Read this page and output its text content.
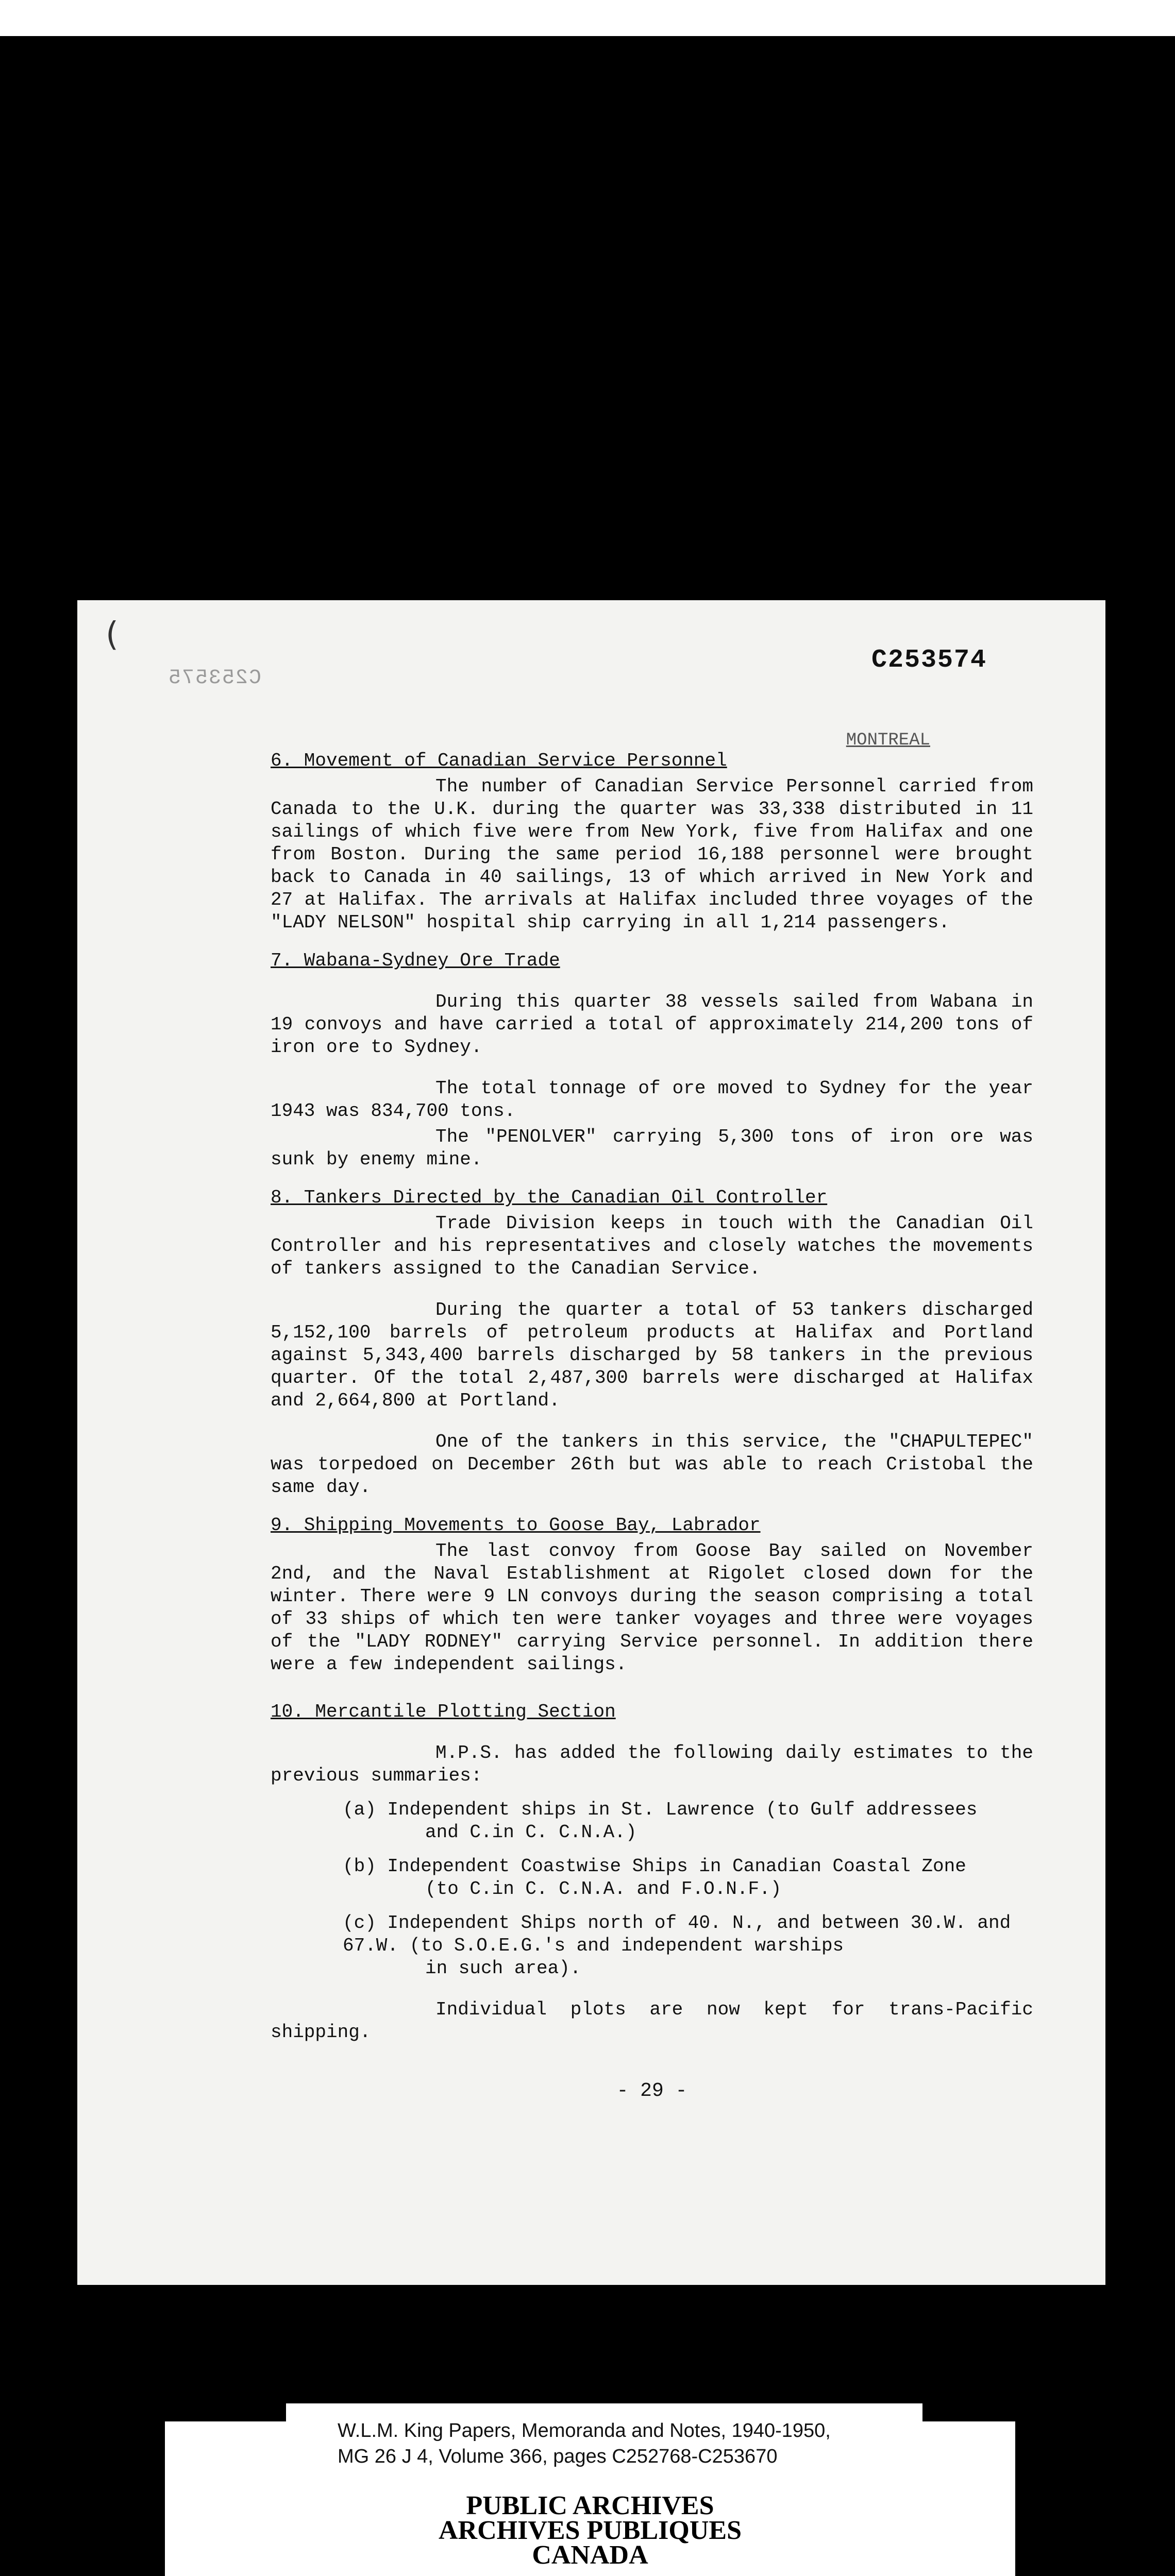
(
C253575
C253574
MONTREAL
6. Movement of Canadian Service Personnel

The number of Canadian Service Personnel carried from Canada to the U.K. during the quarter was 33,338 distributed in 11 sailings of which five were from New York, five from Halifax and one from Boston. During the same period 16,188 personnel were brought back to Canada in 40 sailings, 13 of which arrived in New York and 27 at Halifax. The arrivals at Halifax included three voyages of the "LADY NELSON" hospital ship carrying in all 1,214 passengers.

7. Wabana-Sydney Ore Trade

During this quarter 38 vessels sailed from Wabana in 19 convoys and have carried a total of approximately 214,200 tons of iron ore to Sydney.

The total tonnage of ore moved to Sydney for the year 1943 was 834,700 tons.

The "PENOLVER" carrying 5,300 tons of iron ore was sunk by enemy mine.

8. Tankers Directed by the Canadian Oil Controller

Trade Division keeps in touch with the Canadian Oil Controller and his representatives and closely watches the movements of tankers assigned to the Canadian Service.

During the quarter a total of 53 tankers discharged 5,152,100 barrels of petroleum products at Halifax and Portland against 5,343,400 barrels discharged by 58 tankers in the previous quarter. Of the total 2,487,300 barrels were discharged at Halifax and 2,664,800 at Portland.

One of the tankers in this service, the "CHAPULTEPEC" was torpedoed on December 26th but was able to reach Cristobal the same day.

9. Shipping Movements to Goose Bay, Labrador

The last convoy from Goose Bay sailed on November 2nd, and the Naval Establishment at Rigolet closed down for the winter. There were 9 LN convoys during the season comprising a total of 33 ships of which ten were tanker voyages and three were voyages of the "LADY RODNEY" carrying Service personnel. In addition there were a few independent sailings.

10. Mercantile Plotting Section

M.P.S. has added the following daily estimates to the previous summaries:

(a) Independent ships in St. Lawrence (to Gulf addressees
and C.in C. C.N.A.)

(b) Independent Coastwise Ships in Canadian Coastal Zone
(to C.in C. C.N.A. and F.O.N.F.)

(c) Independent Ships north of 40. N., and between 30.W. and 67.W. (to S.O.E.G.'s and independent warships
in such area).

Individual plots are now kept for trans-Pacific shipping.

- 29 -

PUBLIC ARCHIVES
ARCHIVES PUBLIQUES
CANADA
W.L.M. King Papers, Memoranda and Notes, 1940-1950,
MG 26 J 4, Volume 366, pages C252768-C253670
